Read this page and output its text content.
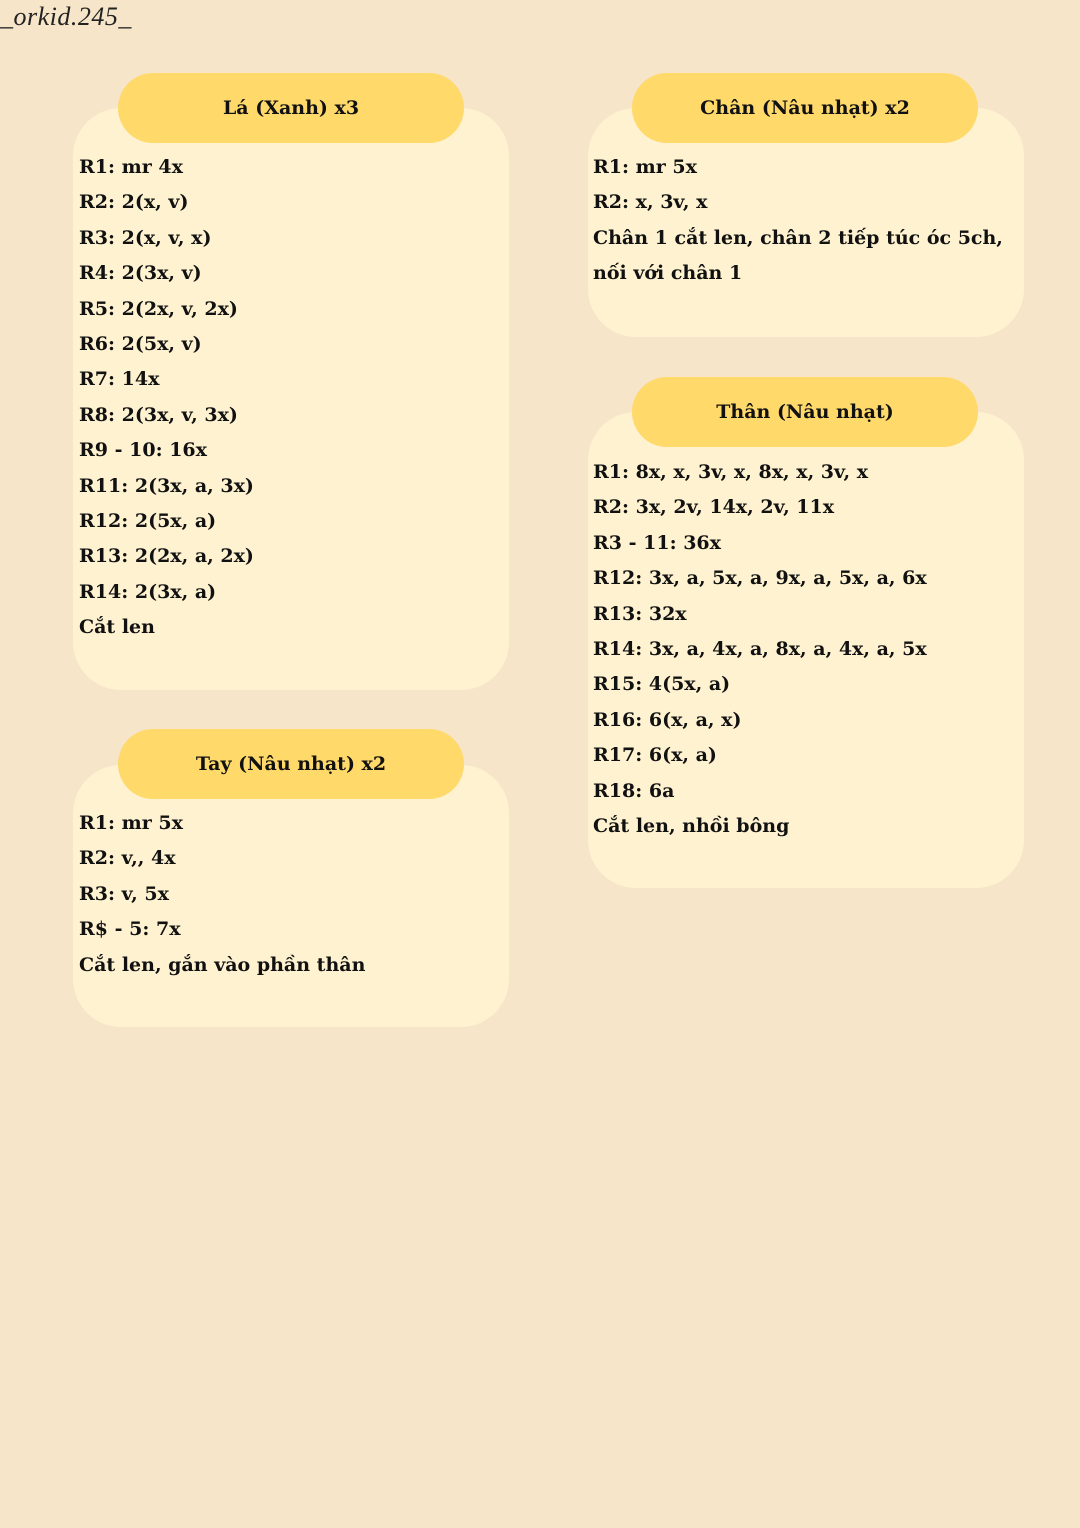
_orkid.245_
Lá (Xanh) x3
R1: mr 4x
R2: 2(x, v)
R3: 2(x, v, x)
R4: 2(3x, v)
R5: 2(2x, v, 2x)
R6: 2(5x, v)
R7: 14x
R8: 2(3x, v, 3x)
R9 - 10: 16x
R11: 2(3x, a, 3x)
R12: 2(5x, a)
R13: 2(2x, a, 2x)
R14: 2(3x, a)
Cắt len
Tay (Nâu nhạt) x2
R1: mr 5x
R2: v,, 4x
R3: v, 5x
R$ - 5: 7x
Cắt len, gắn vào phần thân
Chân (Nâu nhạt) x2
R1: mr 5x
R2: x, 3v, x
Chân 1 cắt len, chân 2 tiếp túc óc 5ch,
nối với chân 1
Thân (Nâu nhạt)
R1: 8x, x, 3v, x, 8x, x, 3v, x
R2: 3x, 2v, 14x, 2v, 11x
R3 - 11: 36x
R12: 3x, a, 5x, a, 9x, a, 5x, a, 6x
R13: 32x
R14: 3x, a, 4x, a, 8x, a, 4x, a, 5x
R15: 4(5x, a)
R16: 6(x, a, x)
R17: 6(x, a)
R18: 6a
Cắt len, nhồi bông
